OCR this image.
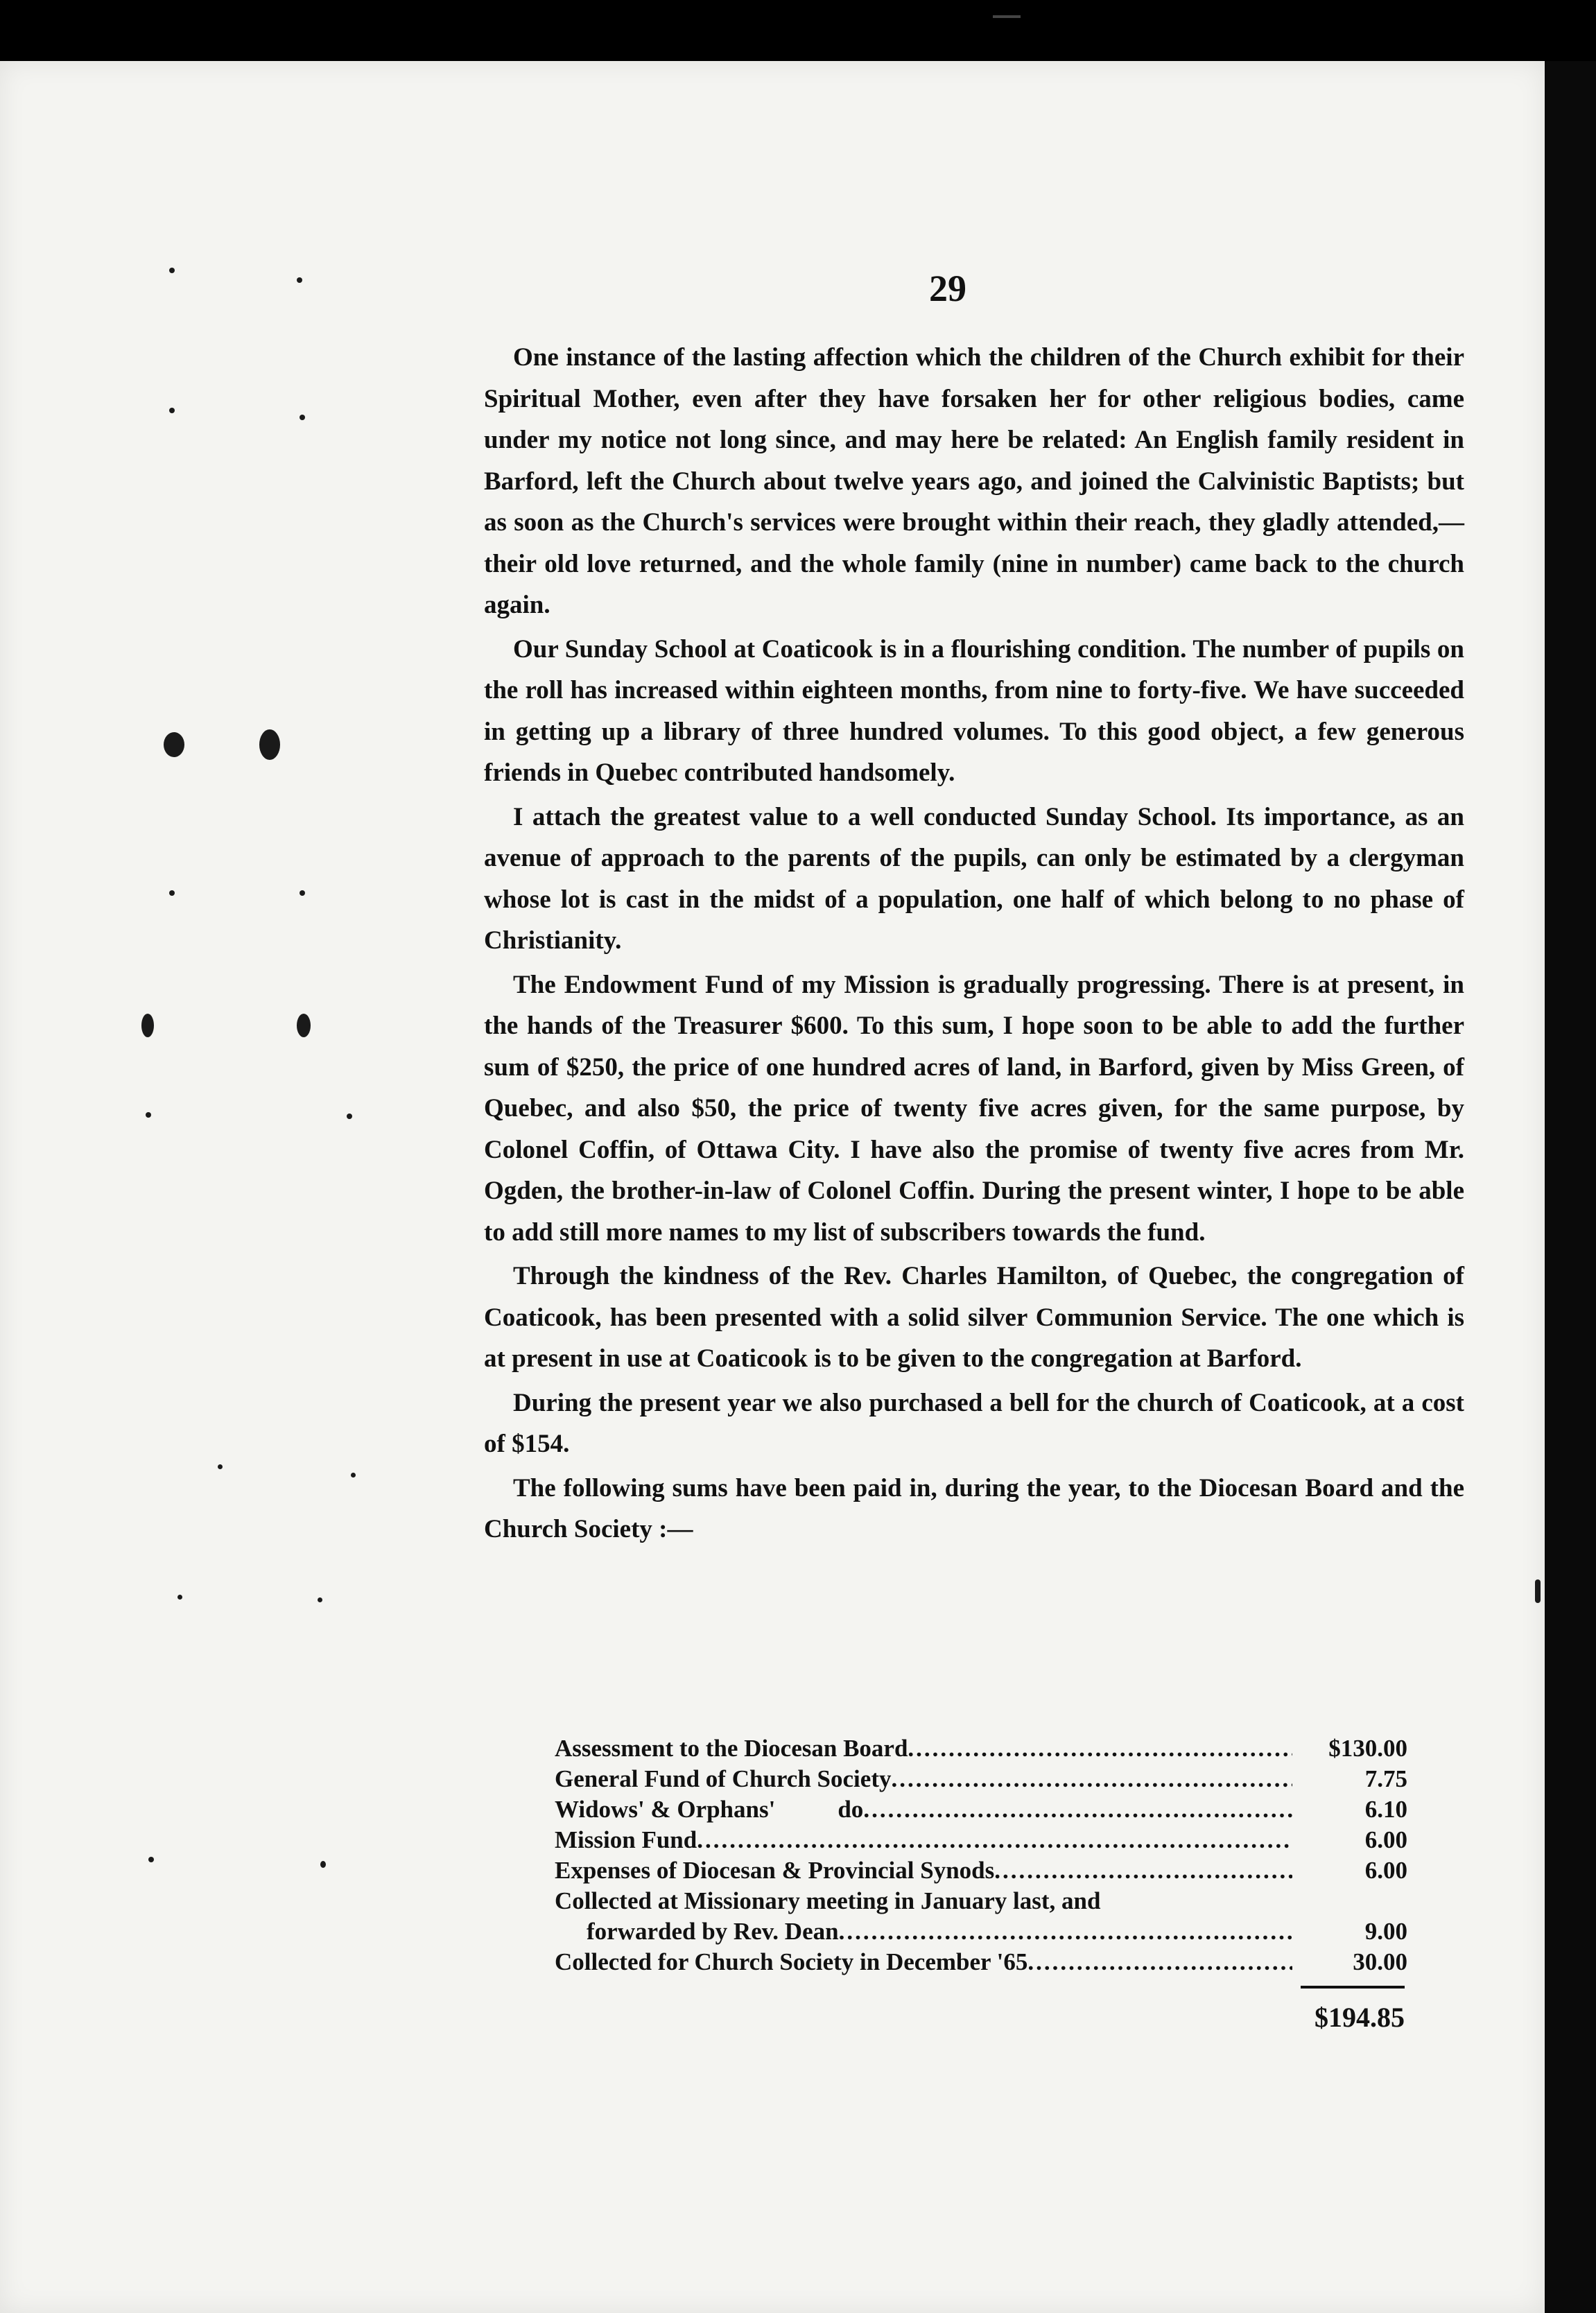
29

One instance of the lasting affection which the children of the Church exhibit for their Spiritual Mother, even after they have forsaken her for other religious bodies, came under my notice not long since, and may here be related: An English family resident in Barford, left the Church about twelve years ago, and joined the Calvinistic Baptists; but as soon as the Church's services were brought within their reach, they gladly attended,—their old love returned, and the whole family (nine in number) came back to the church again.

Our Sunday School at Coaticook is in a flourishing condition. The number of pupils on the roll has increased within eighteen months, from nine to forty-five. We have succeeded in getting up a library of three hundred volumes. To this good object, a few generous friends in Quebec contributed handsomely.

I attach the greatest value to a well conducted Sunday School. Its importance, as an avenue of approach to the parents of the pupils, can only be estimated by a clergyman whose lot is cast in the midst of a population, one half of which belong to no phase of Christianity.

The Endowment Fund of my Mission is gradually progressing. There is at present, in the hands of the Treasurer $600. To this sum, I hope soon to be able to add the further sum of $250, the price of one hundred acres of land, in Barford, given by Miss Green, of Quebec, and also $50, the price of twenty five acres given, for the same purpose, by Colonel Coffin, of Ottawa City. I have also the promise of twenty five acres from Mr. Ogden, the brother-in-law of Colonel Coffin. During the present winter, I hope to be able to add still more names to my list of subscribers towards the fund.

Through the kindness of the Rev. Charles Hamilton, of Quebec, the congregation of Coaticook, has been presented with a solid silver Communion Service. The one which is at present in use at Coaticook is to be given to the congregation at Barford.

During the present year we also purchased a bell for the church of Coaticook, at a cost of $154.

The following sums have been paid in, during the year, to the Diocesan Board and the Church Society :—

Assessment to the Diocesan Board .....	$130.00
General Fund of Church Society .....	7.75
Widows' & Orphans'	do .....	6.10
Mission Fund .....	6.00
Expenses of Diocesan & Provincial Synods .....	6.00
Collected at Missionary meeting in January last, and
forwarded by Rev. Dean .....	9.00
Collected for Church Society in December '65 .....	30.00
$194.85
